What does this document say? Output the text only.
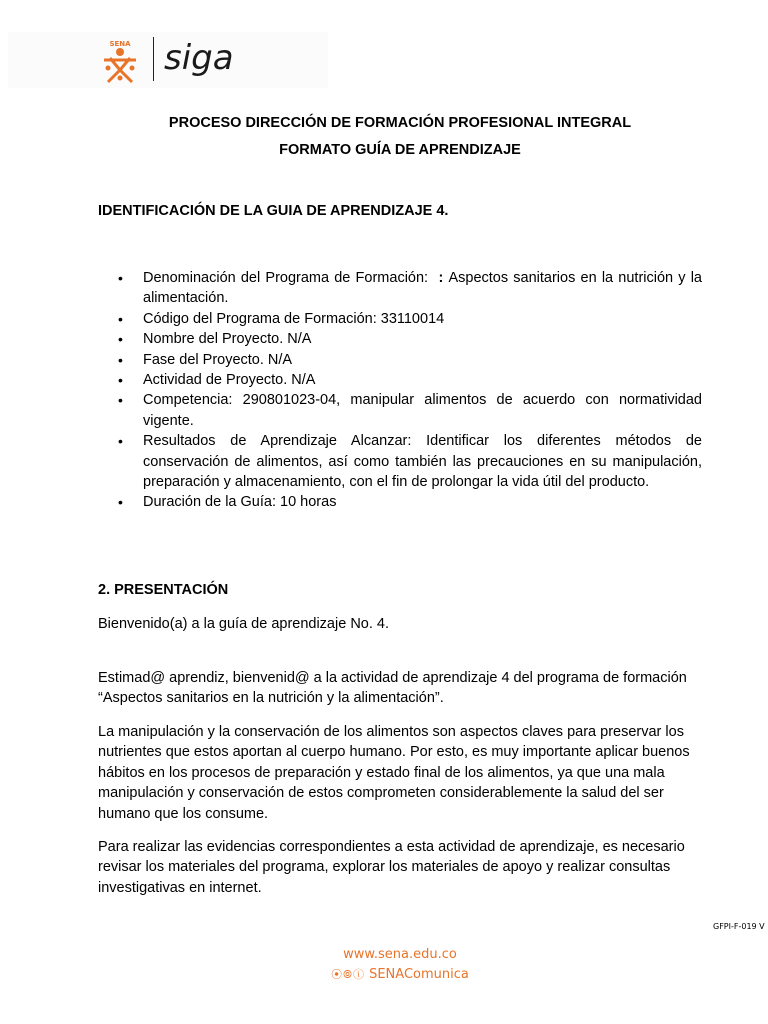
SENA siga
PROCESO DIRECCIÓN DE FORMACIÓN PROFESIONAL INTEGRAL
FORMATO GUÍA DE APRENDIZAJE
IDENTIFICACIÓN DE LA GUIA DE APRENDIZAJE 4.
• Denominación del Programa de Formación: : Aspectos sanitarios en la nutrición y la alimentación.
• Código del Programa de Formación: 33110014
• Nombre del Proyecto. N/A
• Fase del Proyecto. N/A
• Actividad de Proyecto. N/A
• Competencia: 290801023-04, manipular alimentos de acuerdo con normatividad vigente.
• Resultados de Aprendizaje Alcanzar: Identificar los diferentes métodos de conservación de alimentos, así como también las precauciones en su manipulación, preparación y almacenamiento, con el fin de prolongar la vida útil del producto.
• Duración de la Guía: 10 horas
2. PRESENTACIÓN
Bienvenido(a) a la guía de aprendizaje No. 4.
Estimad@ aprendiz, bienvenid@ a la actividad de aprendizaje 4 del programa de formación “Aspectos sanitarios en la nutrición y la alimentación”.
La manipulación y la conservación de los alimentos son aspectos claves para preservar los nutrientes que estos aportan al cuerpo humano. Por esto, es muy importante aplicar buenos hábitos en los procesos de preparación y estado final de los alimentos, ya que una mala manipulación y conservación de estos comprometen considerablemente la salud del ser humano que los consume.
Para realizar las evidencias correspondientes a esta actividad de aprendizaje, es necesario revisar los materiales del programa, explorar los materiales de apoyo y realizar consultas investigativas en internet.
GFPI-F-019 V
www.sena.edu.co
⦿⦾ⓘ SENAComunica
